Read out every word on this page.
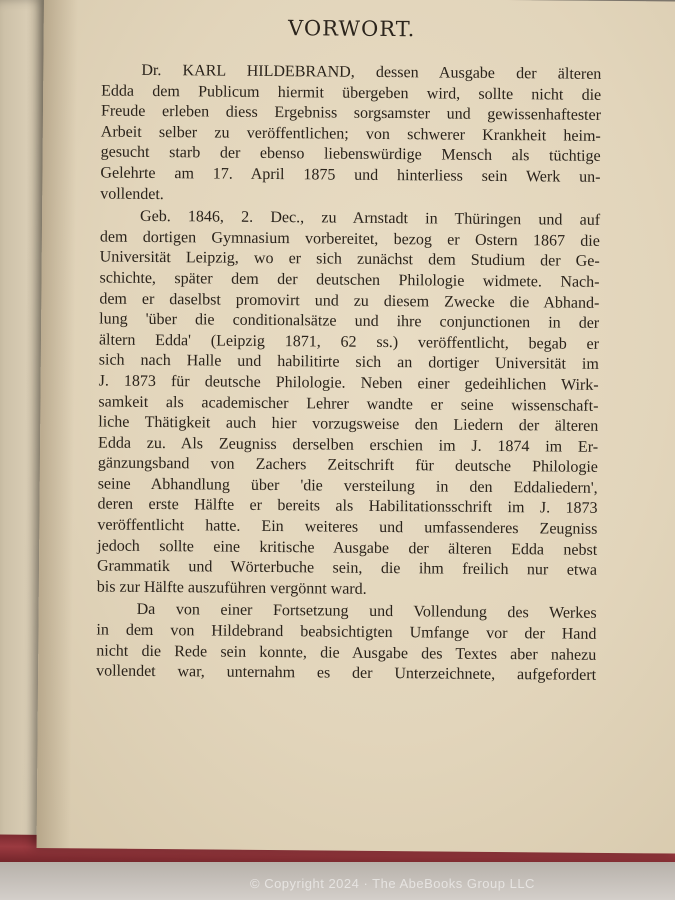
VORWORT.
Dr. KARL HILDEBRAND, dessen Ausgabe der älteren
Edda dem Publicum hiermit übergeben wird, sollte nicht die
Freude erleben diess Ergebniss sorgsamster und gewissenhaftester
Arbeit selber zu veröffentlichen; von schwerer Krankheit heim-
gesucht starb der ebenso liebenswürdige Mensch als tüchtige
Gelehrte am 17. April 1875 und hinterliess sein Werk un-
vollendet.
Geb. 1846, 2. Dec., zu Arnstadt in Thüringen und auf
dem dortigen Gymnasium vorbereitet, bezog er Ostern 1867 die
Universität Leipzig, wo er sich zunächst dem Studium der Ge-
schichte, später dem der deutschen Philologie widmete. Nach-
dem er daselbst promovirt und zu diesem Zwecke die Abhand-
lung 'über die conditionalsätze und ihre conjunctionen in der
ältern Edda' (Leipzig 1871, 62 ss.) veröffentlicht, begab er
sich nach Halle und habilitirte sich an dortiger Universität im
J. 1873 für deutsche Philologie. Neben einer gedeihlichen Wirk-
samkeit als academischer Lehrer wandte er seine wissenschaft-
liche Thätigkeit auch hier vorzugsweise den Liedern der älteren
Edda zu. Als Zeugniss derselben erschien im J. 1874 im Er-
gänzungsband von Zachers Zeitschrift für deutsche Philologie
seine Abhandlung über 'die versteilung in den Eddaliedern',
deren erste Hälfte er bereits als Habilitationsschrift im J. 1873
veröffentlicht hatte. Ein weiteres und umfassenderes Zeugniss
jedoch sollte eine kritische Ausgabe der älteren Edda nebst
Grammatik und Wörterbuche sein, die ihm freilich nur etwa
bis zur Hälfte auszuführen vergönnt ward.
Da von einer Fortsetzung und Vollendung des Werkes
in dem von Hildebrand beabsichtigten Umfange vor der Hand
nicht die Rede sein konnte, die Ausgabe des Textes aber nahezu
vollendet war, unternahm es der Unterzeichnete, aufgefordert
© Copyright 2024 · The AbeBooks Group LLC
